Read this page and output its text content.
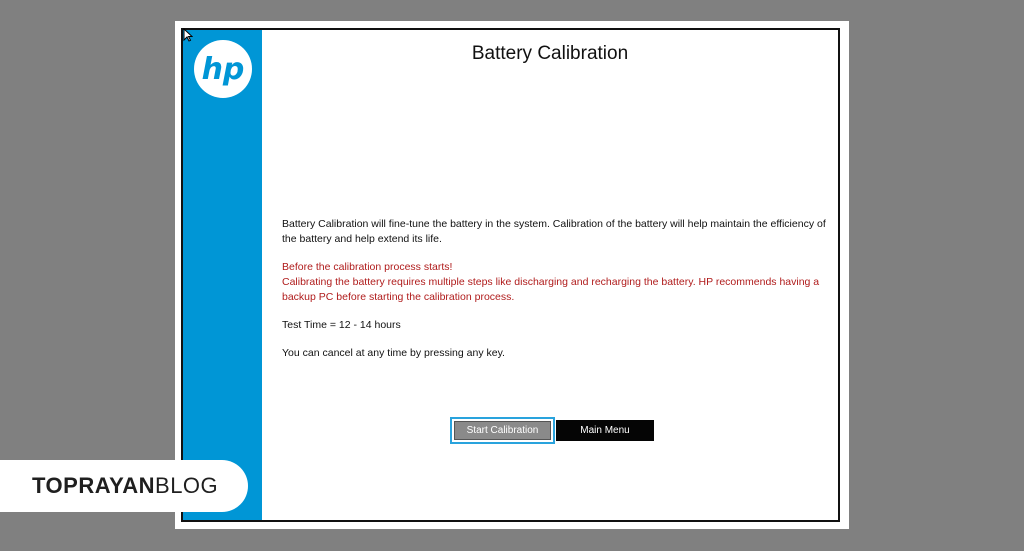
hp	Battery Calibration

Battery Calibration will fine-tune the battery in the system. Calibration of the battery will help maintain the efficiency of the battery and help extend its life.

Before the calibration process starts!
Calibrating the battery requires multiple steps like discharging and recharging the battery. HP recommends having a backup PC before starting the calibration process.

Test Time = 12 - 14 hours

You can cancel at any time by pressing any key.

Start Calibration	Main Menu
TOPRAYAN BLOG
